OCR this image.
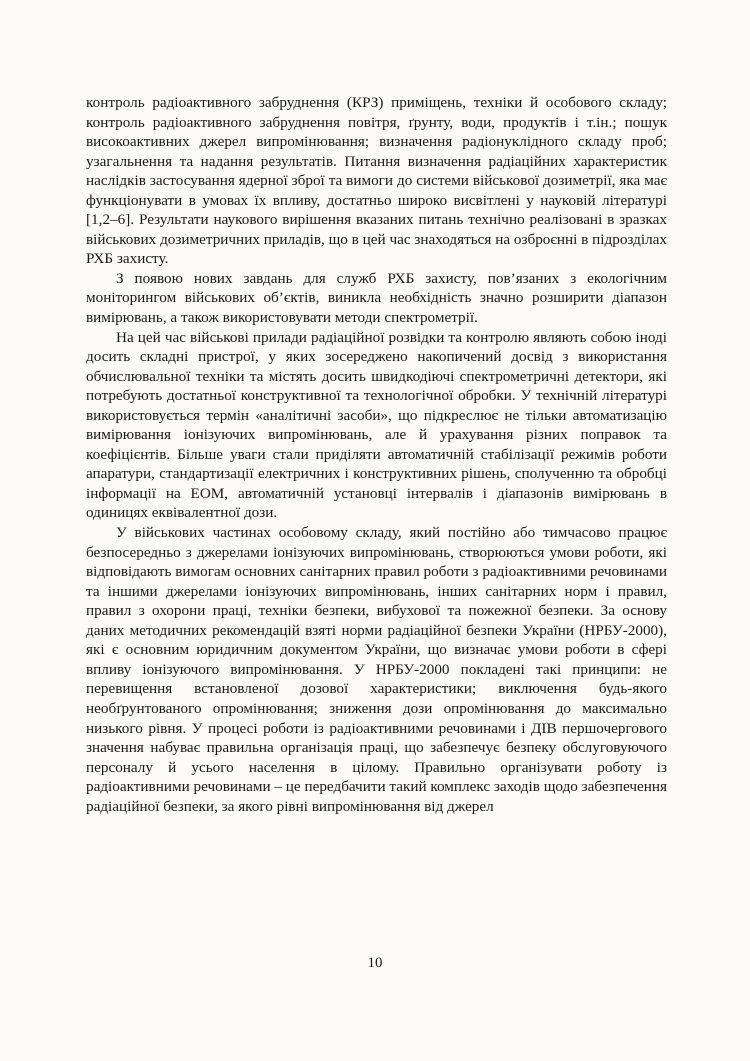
контроль радіоактивного забруднення (КРЗ) приміщень, техніки й особового складу; контроль радіоактивного забруднення повітря, ґрунту, води, продуктів і т.ін.; пошук високоактивних джерел випромінювання; визначення радіонуклідного складу проб; узагальнення та надання результатів. Питання визначення радіаційних характеристик наслідків застосування ядерної зброї та вимоги до системи військової дозиметрії, яка має функціонувати в умовах їх впливу, достатньо широко висвітлені у науковій літературі [1,2–6]. Результати наукового вирішення вказаних питань технічно реалізовані в зразках військових дозиметричних приладів, що в цей час знаходяться на озброєнні в підрозділах РХБ захисту.

З появою нових завдань для служб РХБ захисту, пов’язаних з екологічним моніторингом військових об’єктів, виникла необхідність значно розширити діапазон вимірювань, а також використовувати методи спектрометрії.

На цей час військові прилади радіаційної розвідки та контролю являють собою іноді досить складні пристрої, у яких зосереджено накопичений досвід з використання обчислювальної техніки та містять досить швидкодіючі спектрометричні детектори, які потребують достатньої конструктивної та технологічної обробки. У технічній літературі використовується термін «аналітичні засоби», що підкреслює не тільки автоматизацію вимірювання іонізуючих випромінювань, але й урахування різних поправок та коефіцієнтів. Більше уваги стали приділяти автоматичній стабілізації режимів роботи апаратури, стандартизації електричних і конструктивних рішень, сполученню та обробці інформації на ЕОМ, автоматичній установці інтервалів і діапазонів вимірювань в одиницях еквівалентної дози.

У військових частинах особовому складу, який постійно або тимчасово працює безпосередньо з джерелами іонізуючих випромінювань, створюються умови роботи, які відповідають вимогам основних санітарних правил роботи з радіоактивними речовинами та іншими джерелами іонізуючих випромінювань, інших санітарних норм і правил, правил з охорони праці, техніки безпеки, вибухової та пожежної безпеки. За основу даних методичних рекомендацій взяті норми радіаційної безпеки України (НРБУ-2000), які є основним юридичним документом України, що визначає умови роботи в сфері впливу іонізуючого випромінювання. У НРБУ-2000 покладені такі принципи: не перевищення встановленої дозової характеристики; виключення будь-якого необґрунтованого опромінювання; зниження дози опромінювання до максимально низького рівня. У процесі роботи із радіоактивними речовинами і ДІВ першочергового значення набуває правильна організація праці, що забезпечує безпеку обслуговуючого персоналу й усього населення в цілому. Правильно організувати роботу із радіоактивними речовинами – це передбачити такий комплекс заходів щодо забезпечення радіаційної безпеки, за якого рівні випромінювання від джерел

10
